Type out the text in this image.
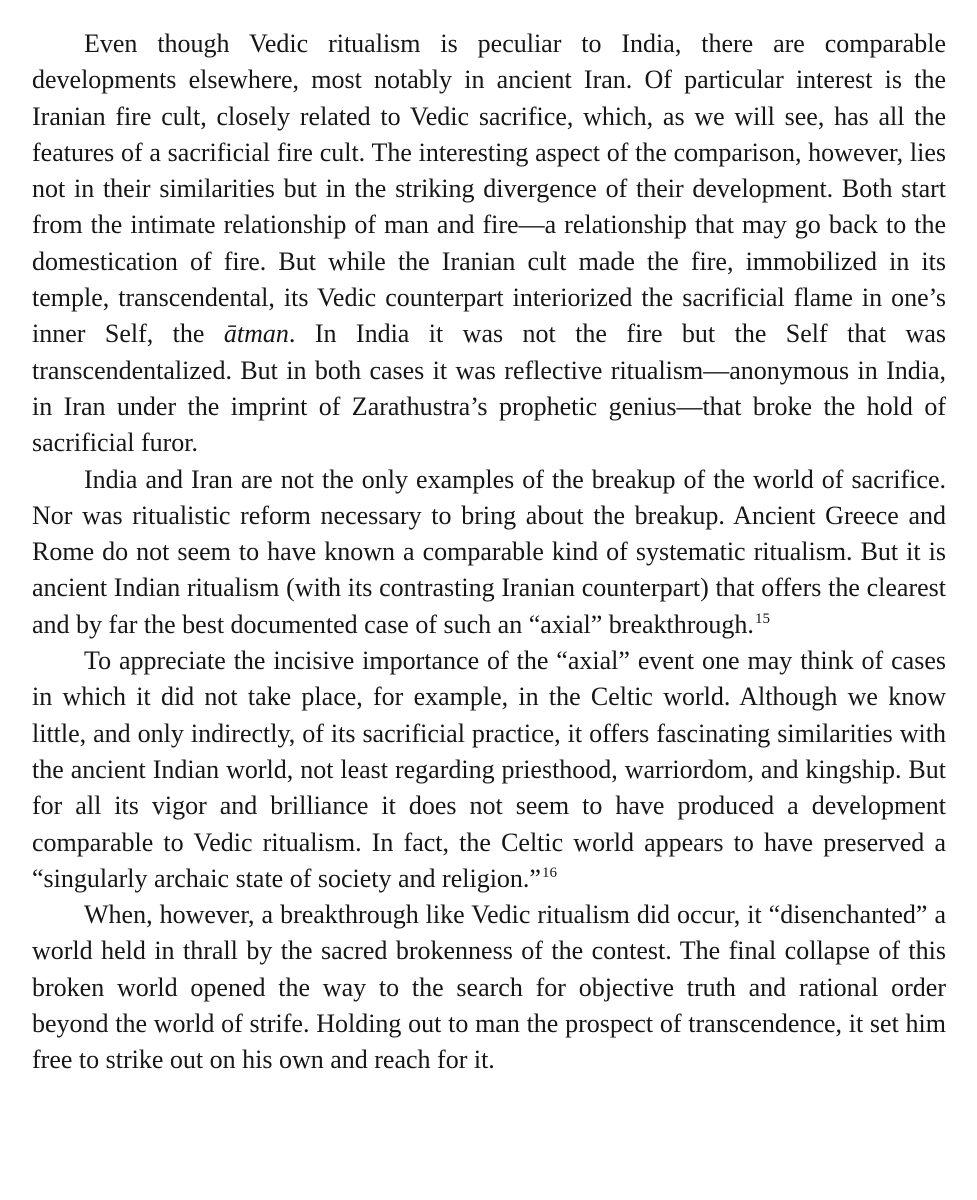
Even though Vedic ritualism is peculiar to India, there are comparable developments elsewhere, most notably in ancient Iran. Of particular interest is the Iranian fire cult, closely related to Vedic sacrifice, which, as we will see, has all the features of a sacrificial fire cult. The interesting aspect of the comparison, however, lies not in their similarities but in the striking divergence of their development. Both start from the intimate relationship of man and fire—a relationship that may go back to the domestication of fire. But while the Iranian cult made the fire, immobilized in its temple, transcendental, its Vedic counterpart interiorized the sacrificial flame in one’s inner Self, the ātman. In India it was not the fire but the Self that was transcendentalized. But in both cases it was reflective ritualism—anonymous in India, in Iran under the imprint of Zarathustra’s prophetic genius—that broke the hold of sacrificial furor.

India and Iran are not the only examples of the breakup of the world of sacrifice. Nor was ritualistic reform necessary to bring about the breakup. Ancient Greece and Rome do not seem to have known a comparable kind of systematic ritualism. But it is ancient Indian ritualism (with its contrasting Iranian counterpart) that offers the clearest and by far the best documented case of such an “axial” breakthrough.$^{15}$

To appreciate the incisive importance of the “axial” event one may think of cases in which it did not take place, for example, in the Celtic world. Although we know little, and only indirectly, of its sacrificial practice, it offers fascinating similarities with the ancient Indian world, not least regarding priesthood, warriordom, and kingship. But for all its vigor and brilliance it does not seem to have produced a development comparable to Vedic ritualism. In fact, the Celtic world appears to have preserved a “singularly archaic state of society and religion.”$^{16}$

When, however, a breakthrough like Vedic ritualism did occur, it “disenchanted” a world held in thrall by the sacred brokenness of the contest. The final collapse of this broken world opened the way to the search for objective truth and rational order beyond the world of strife. Holding out to man the prospect of transcendence, it set him free to strike out on his own and reach for it.
